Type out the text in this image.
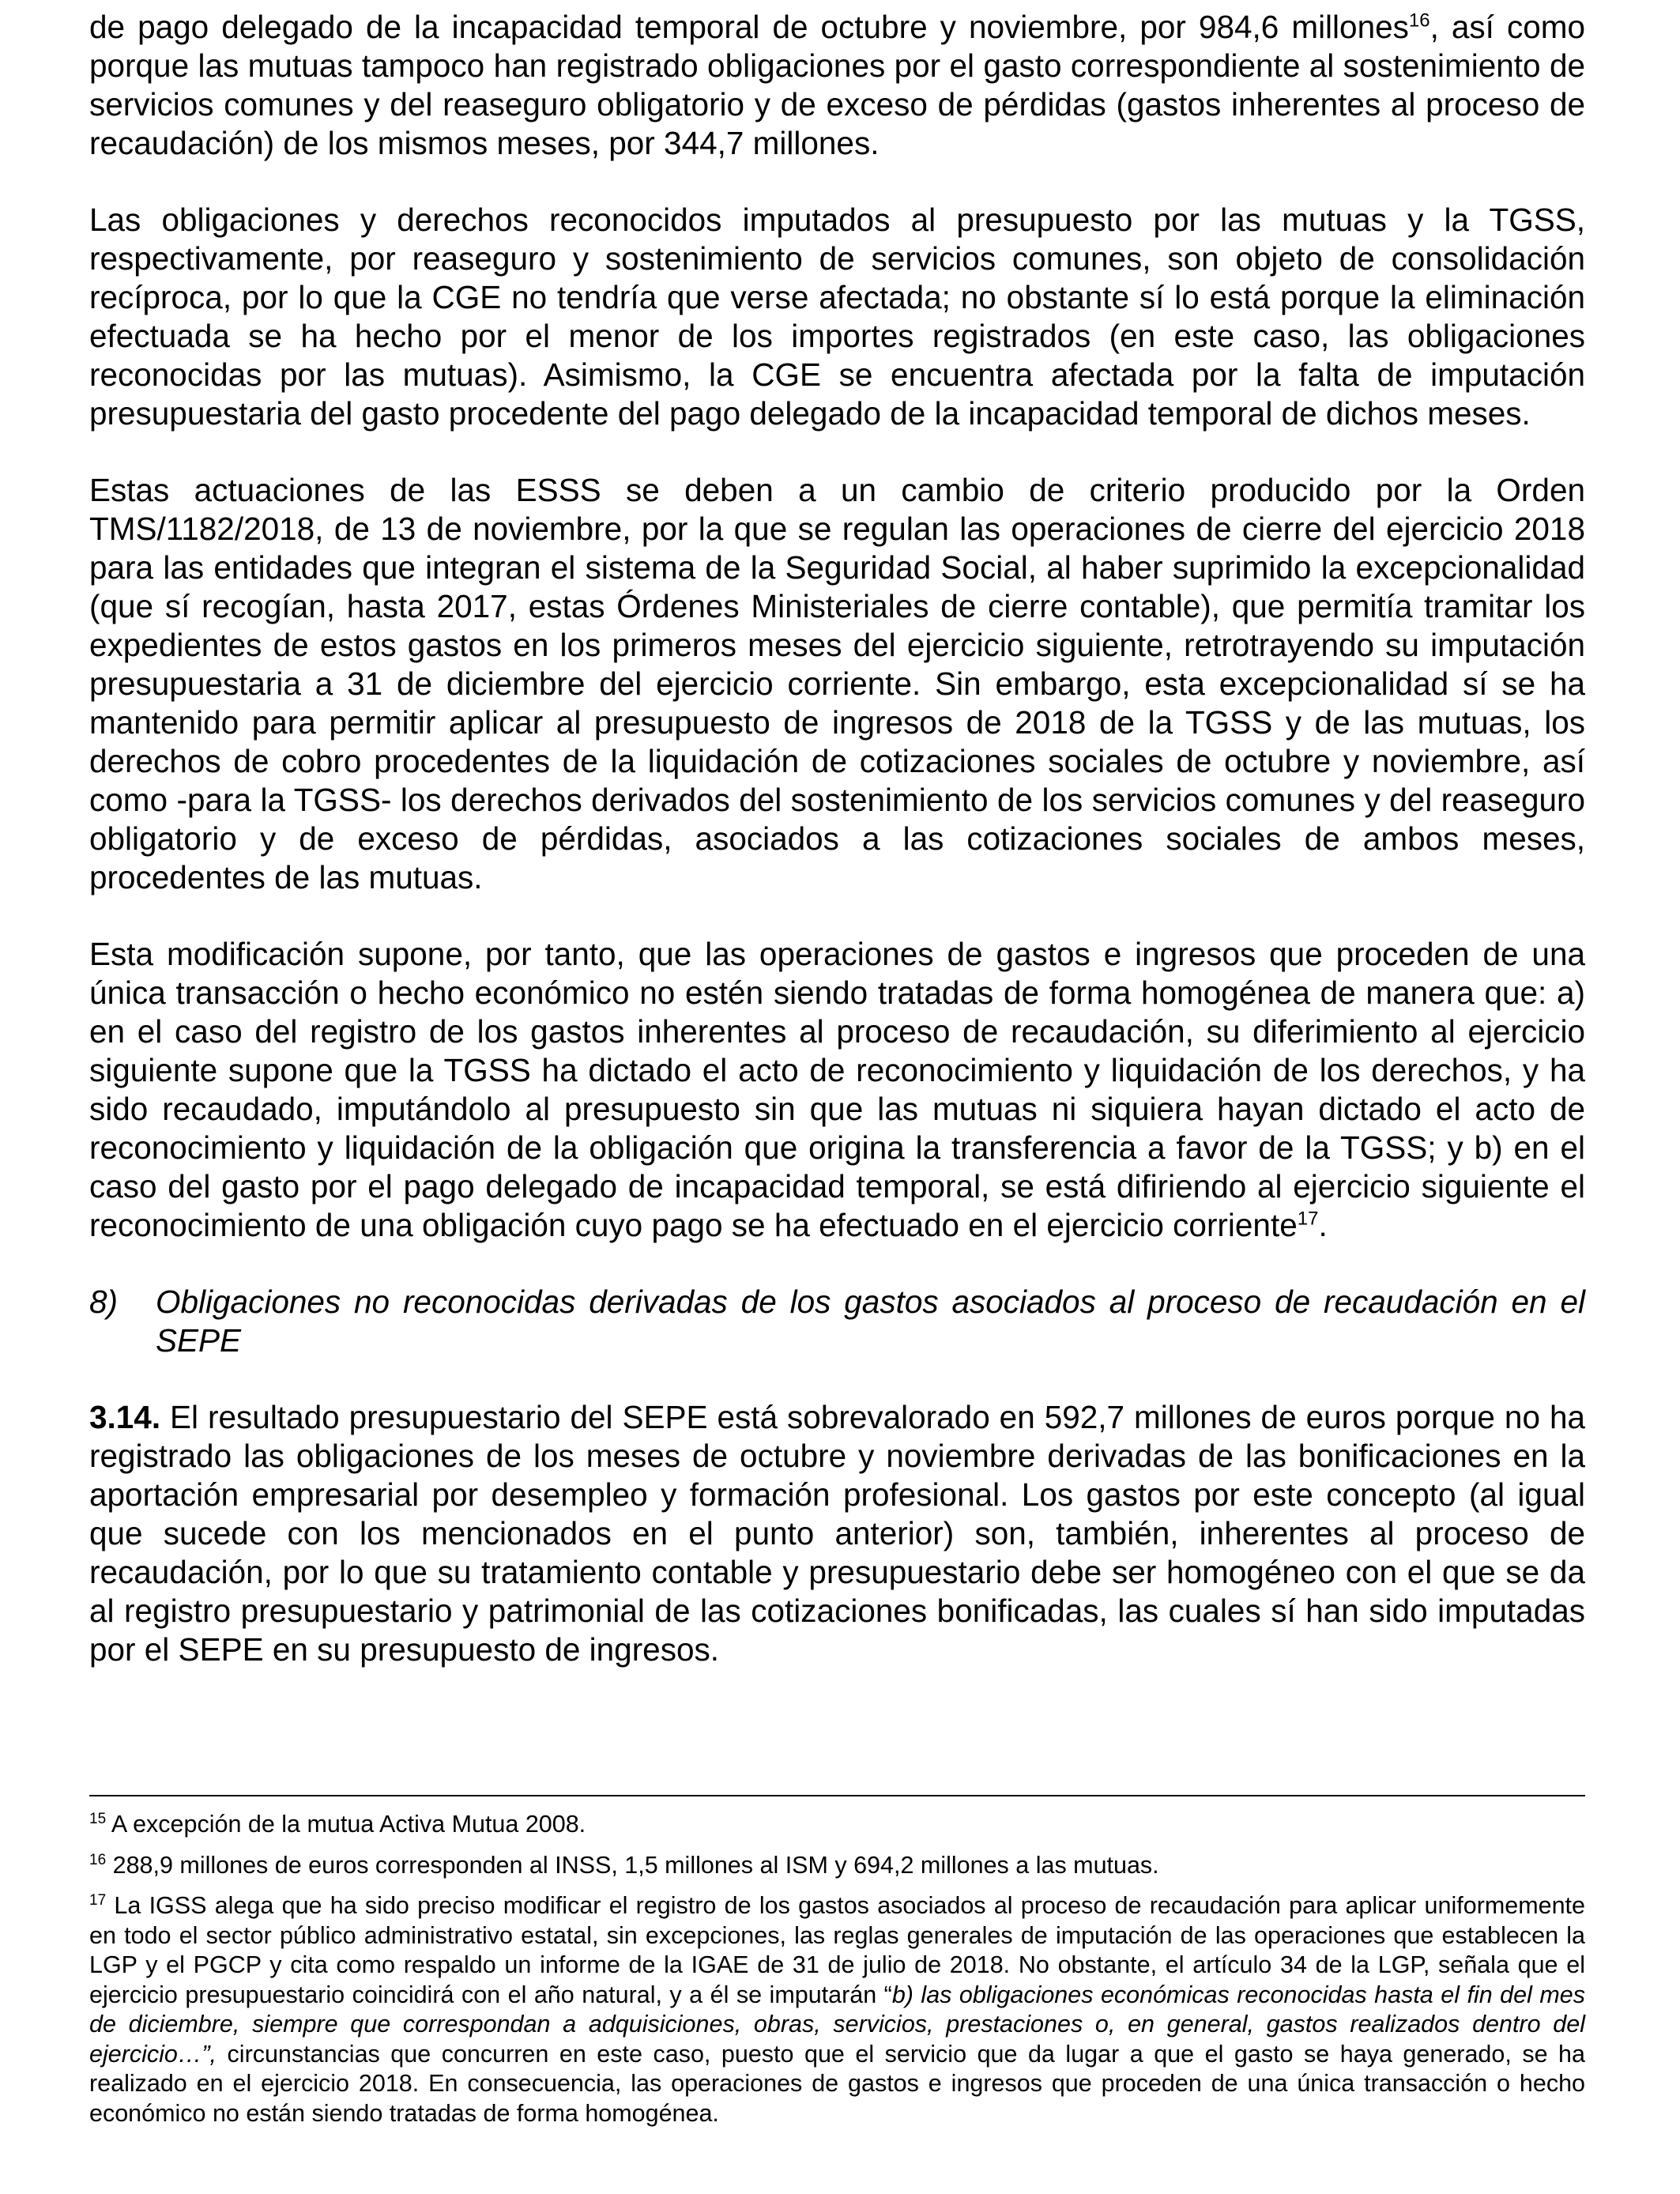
de pago delegado de la incapacidad temporal de octubre y noviembre, por 984,6 millones$^{16}$, así como porque las mutuas tampoco han registrado obligaciones por el gasto correspondiente al sostenimiento de servicios comunes y del reaseguro obligatorio y de exceso de pérdidas (gastos inherentes al proceso de recaudación) de los mismos meses, por 344,7 millones.

Las obligaciones y derechos reconocidos imputados al presupuesto por las mutuas y la TGSS, respectivamente, por reaseguro y sostenimiento de servicios comunes, son objeto de consolidación recíproca, por lo que la CGE no tendría que verse afectada; no obstante sí lo está porque la eliminación efectuada se ha hecho por el menor de los importes registrados (en este caso, las obligaciones reconocidas por las mutuas). Asimismo, la CGE se encuentra afectada por la falta de imputación presupuestaria del gasto procedente del pago delegado de la incapacidad temporal de dichos meses.

Estas actuaciones de las ESSS se deben a un cambio de criterio producido por la Orden TMS/1182/2018, de 13 de noviembre, por la que se regulan las operaciones de cierre del ejercicio 2018 para las entidades que integran el sistema de la Seguridad Social, al haber suprimido la excepcionalidad (que sí recogían, hasta 2017, estas Órdenes Ministeriales de cierre contable), que permitía tramitar los expedientes de estos gastos en los primeros meses del ejercicio siguiente, retrotrayendo su imputación presupuestaria a 31 de diciembre del ejercicio corriente. Sin embargo, esta excepcionalidad sí se ha mantenido para permitir aplicar al presupuesto de ingresos de 2018 de la TGSS y de las mutuas, los derechos de cobro procedentes de la liquidación de cotizaciones sociales de octubre y noviembre, así como -para la TGSS- los derechos derivados del sostenimiento de los servicios comunes y del reaseguro obligatorio y de exceso de pérdidas, asociados a las cotizaciones sociales de ambos meses, procedentes de las mutuas.

Esta modificación supone, por tanto, que las operaciones de gastos e ingresos que proceden de una única transacción o hecho económico no estén siendo tratadas de forma homogénea de manera que: a) en el caso del registro de los gastos inherentes al proceso de recaudación, su diferimiento al ejercicio siguiente supone que la TGSS ha dictado el acto de reconocimiento y liquidación de los derechos, y ha sido recaudado, imputándolo al presupuesto sin que las mutuas ni siquiera hayan dictado el acto de reconocimiento y liquidación de la obligación que origina la transferencia a favor de la TGSS; y b) en el caso del gasto por el pago delegado de incapacidad temporal, se está difiriendo al ejercicio siguiente el reconocimiento de una obligación cuyo pago se ha efectuado en el ejercicio corriente$^{17}$.

8)	Obligaciones no reconocidas derivadas de los gastos asociados al proceso de recaudación en el SEPE

3.14. El resultado presupuestario del SEPE está sobrevalorado en 592,7 millones de euros porque no ha registrado las obligaciones de los meses de octubre y noviembre derivadas de las bonificaciones en la aportación empresarial por desempleo y formación profesional. Los gastos por este concepto (al igual que sucede con los mencionados en el punto anterior) son, también, inherentes al proceso de recaudación, por lo que su tratamiento contable y presupuestario debe ser homogéneo con el que se da al registro presupuestario y patrimonial de las cotizaciones bonificadas, las cuales sí han sido imputadas por el SEPE en su presupuesto de ingresos.

$^{15}$ A excepción de la mutua Activa Mutua 2008.

$^{16}$ 288,9 millones de euros corresponden al INSS, 1,5 millones al ISM y 694,2 millones a las mutuas.

$^{17}$ La IGSS alega que ha sido preciso modificar el registro de los gastos asociados al proceso de recaudación para aplicar uniformemente en todo el sector público administrativo estatal, sin excepciones, las reglas generales de imputación de las operaciones que establecen la LGP y el PGCP y cita como respaldo un informe de la IGAE de 31 de julio de 2018. No obstante, el artículo 34 de la LGP, señala que el ejercicio presupuestario coincidirá con el año natural, y a él se imputarán “b) las obligaciones económicas reconocidas hasta el fin del mes de diciembre, siempre que correspondan a adquisiciones, obras, servicios, prestaciones o, en general, gastos realizados dentro del ejercicio…”, circunstancias que concurren en este caso, puesto que el servicio que da lugar a que el gasto se haya generado, se ha realizado en el ejercicio 2018. En consecuencia, las operaciones de gastos e ingresos que proceden de una única transacción o hecho económico no están siendo tratadas de forma homogénea.
